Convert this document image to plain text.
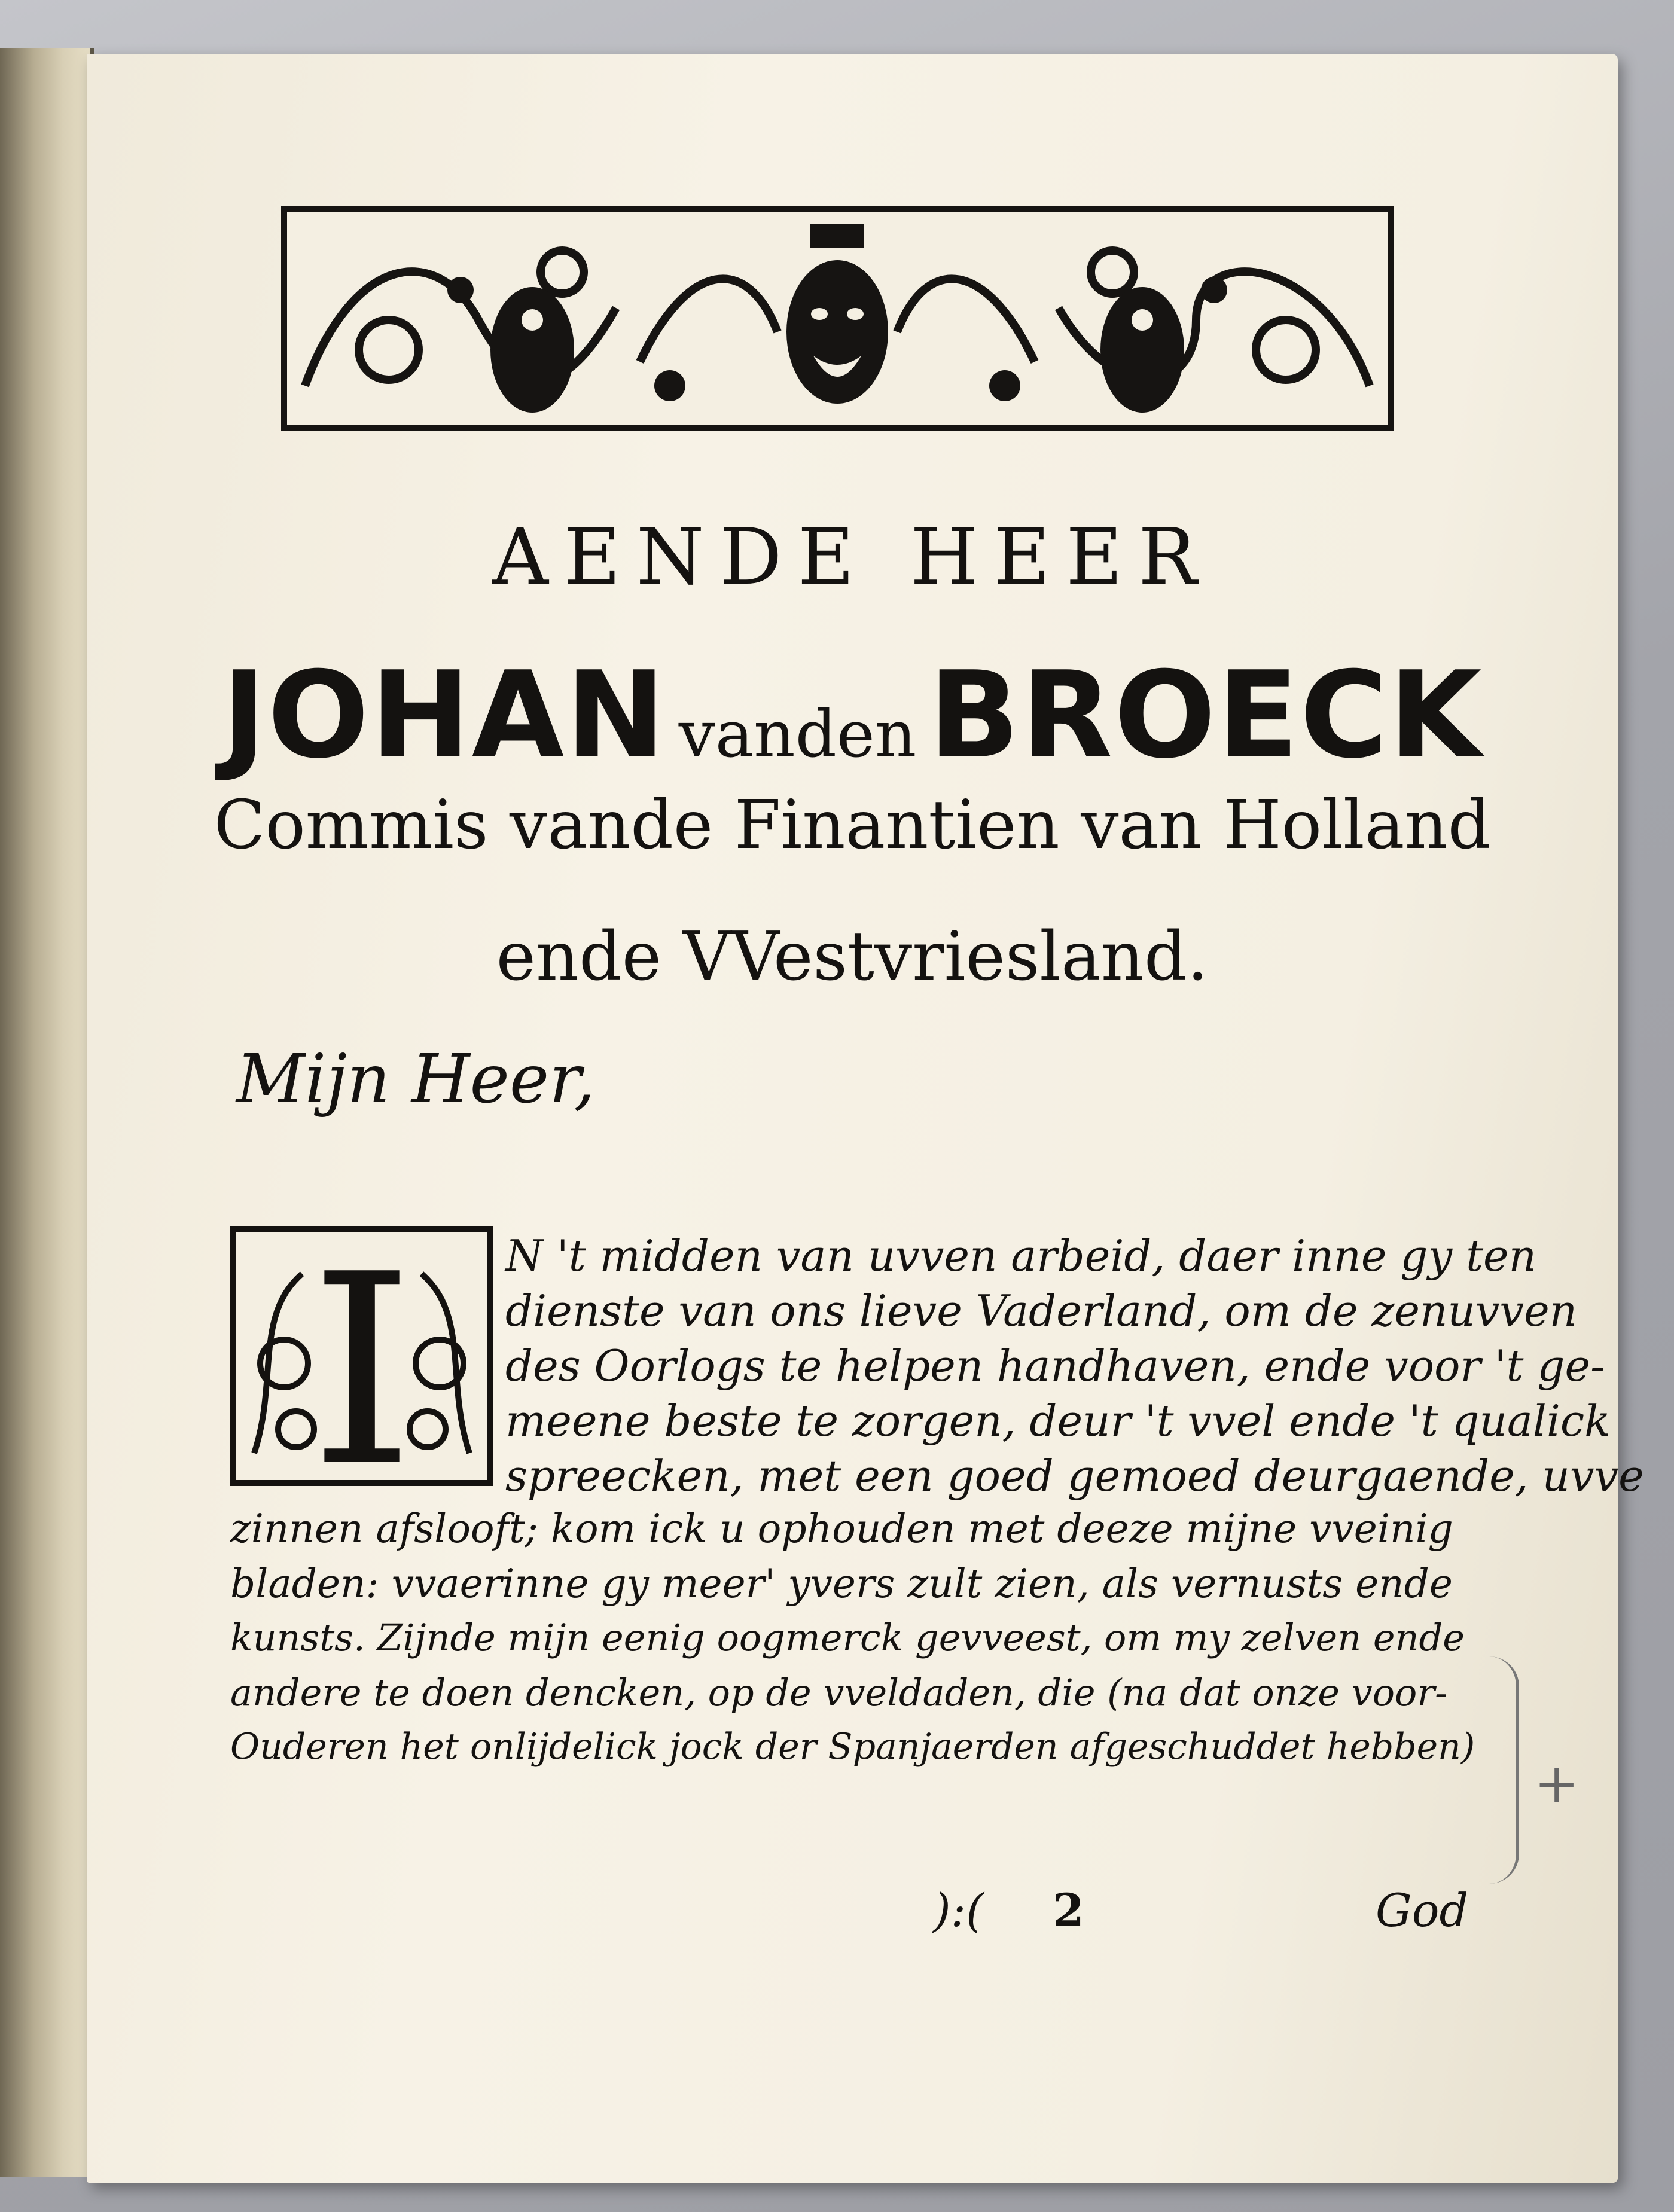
AENDE HEER
JOHAN vanden BROECK
Commis vande Finantien van Holland
ende VVestvriesland.
Mijn Heer,
I N 't midden van uvven arbeid, daer inne gy ten
dienste van ons lieve Vaderland, om de zenuvven
des Oorlogs te helpen handhaven, ende voor 't ge-
meene beste te zorgen, deur 't vvel ende 't qualick
spreecken, met een goed gemoed deurgaende, uvve
zinnen afslooft; kom ick u ophouden met deeze mijne vveinig
bladen: vvaerinne gy meer' yvers zult zien, als vernusts ende
kunsts. Zijnde mijn eenig oogmerck gevveest, om my zelven ende
andere te doen dencken, op de vveldaden, die (na dat onze voor-
Ouderen het onlijdelick jock der Spanjaerden afgeschuddet hebben)
):( 2	God
+
